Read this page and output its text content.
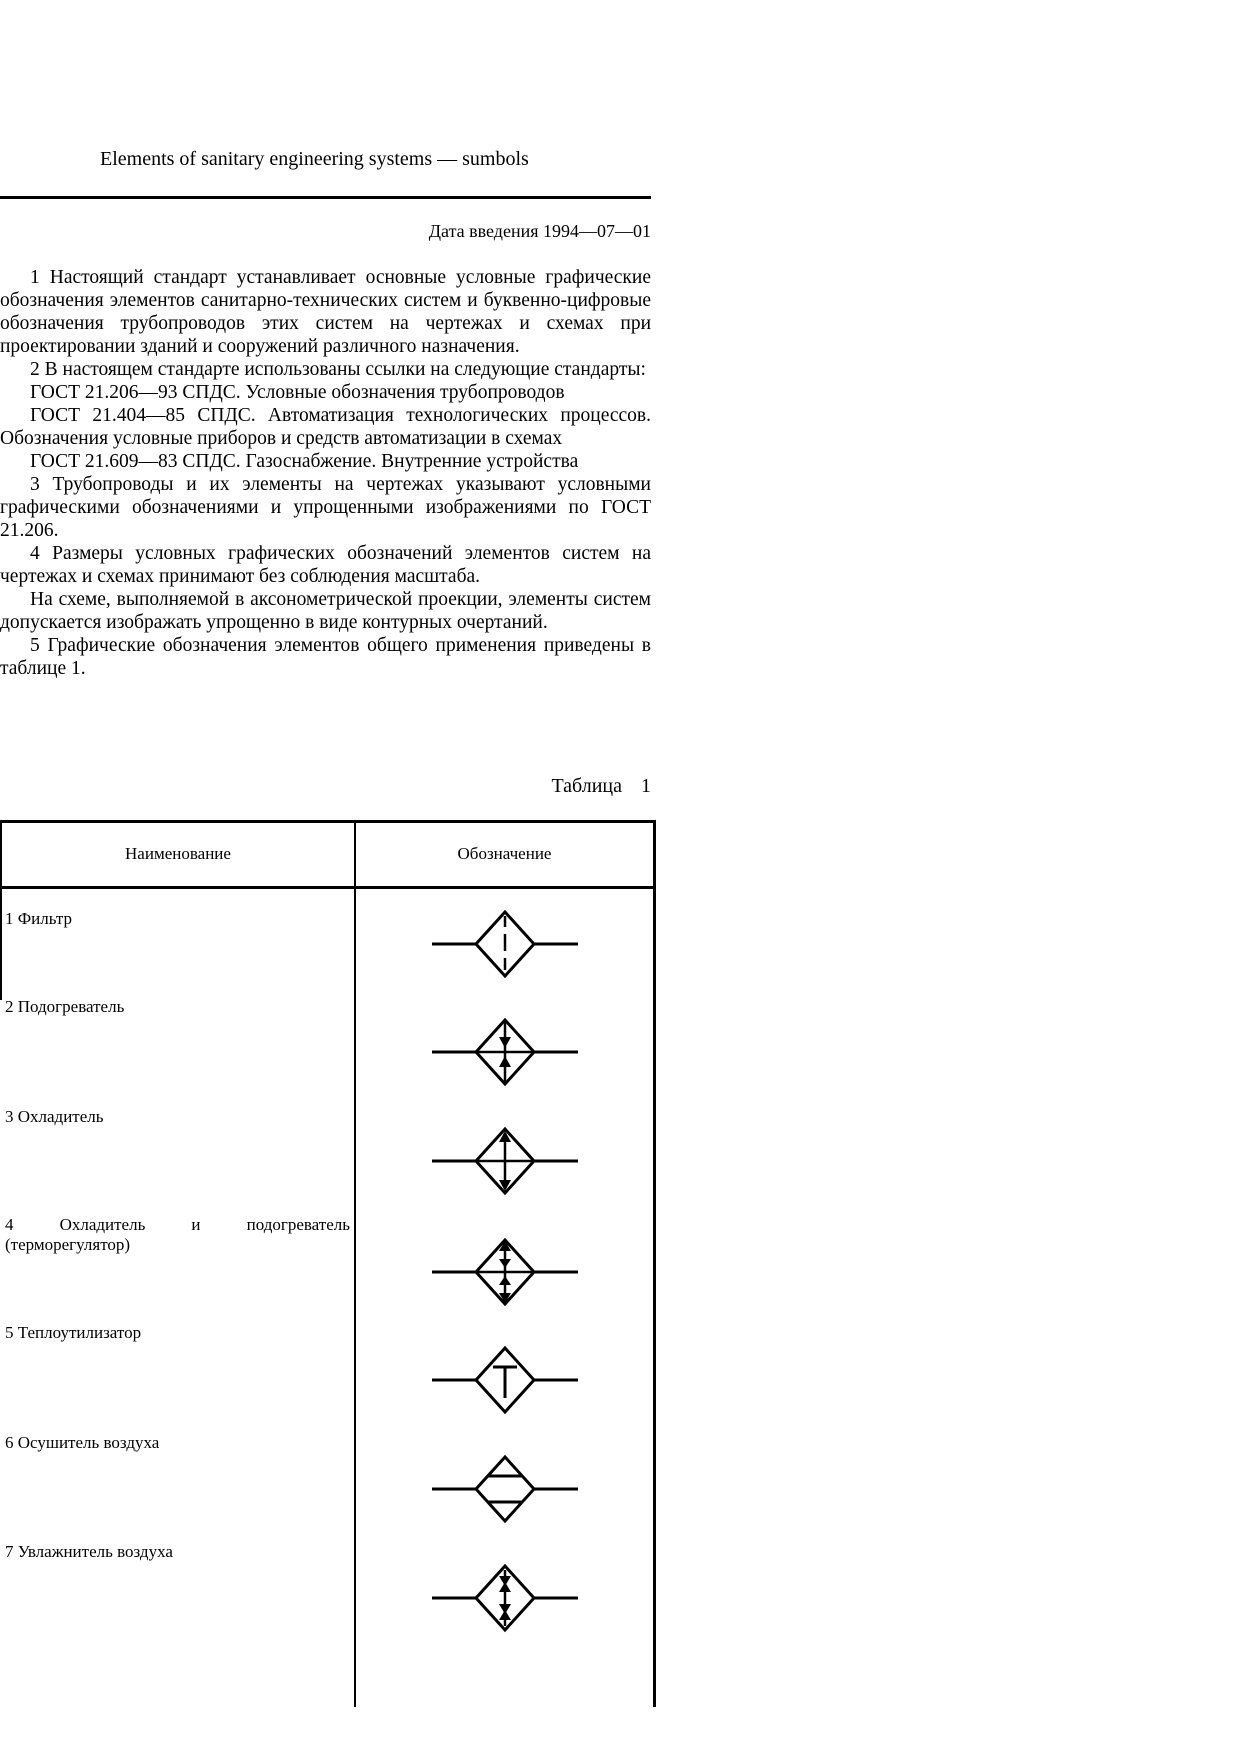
Elements of sanitary engineering systems — sumbols
Дата введения 1994—07—01

1 Настоящий стандарт устанавливает основные условные графические обозначения элементов санитарно-технических систем и буквенно-цифровые обозначения трубопроводов этих систем на чертежах и схемах при проектировании зданий и сооружений различного назначения.

2 В настоящем стандарте использованы ссылки на следующие стандарты:

ГОСТ 21.206—93 СПДС. Условные обозначения трубопроводов

ГОСТ 21.404—85 СПДС. Автоматизация технологических процессов. Обозначения условные приборов и средств автоматизации в схемах

ГОСТ 21.609—83 СПДС. Газоснабжение. Внутренние устройства

3 Трубопроводы и их элементы на чертежах указывают условными графическими обозначениями и упрощенными изображениями по ГОСТ 21.206.

4 Размеры условных графических обозначений элементов систем на чертежах и схемах принимают без соблюдения масштаба.

На схеме, выполняемой в аксонометрической проекции, элементы систем допускается изображать упрощенно в виде контурных очертаний.

5 Графические обозначения элементов общего применения приведены в таблице 1.

Таблица 1
Наименование	Обозначение
1 Фильтр
2 Подогреватель
3 Охладитель
4 Охладитель и подогреватель (терморегулятор)
5 Теплоутилизатор
6 Осушитель воздуха
7 Увлажнитель воздуха
